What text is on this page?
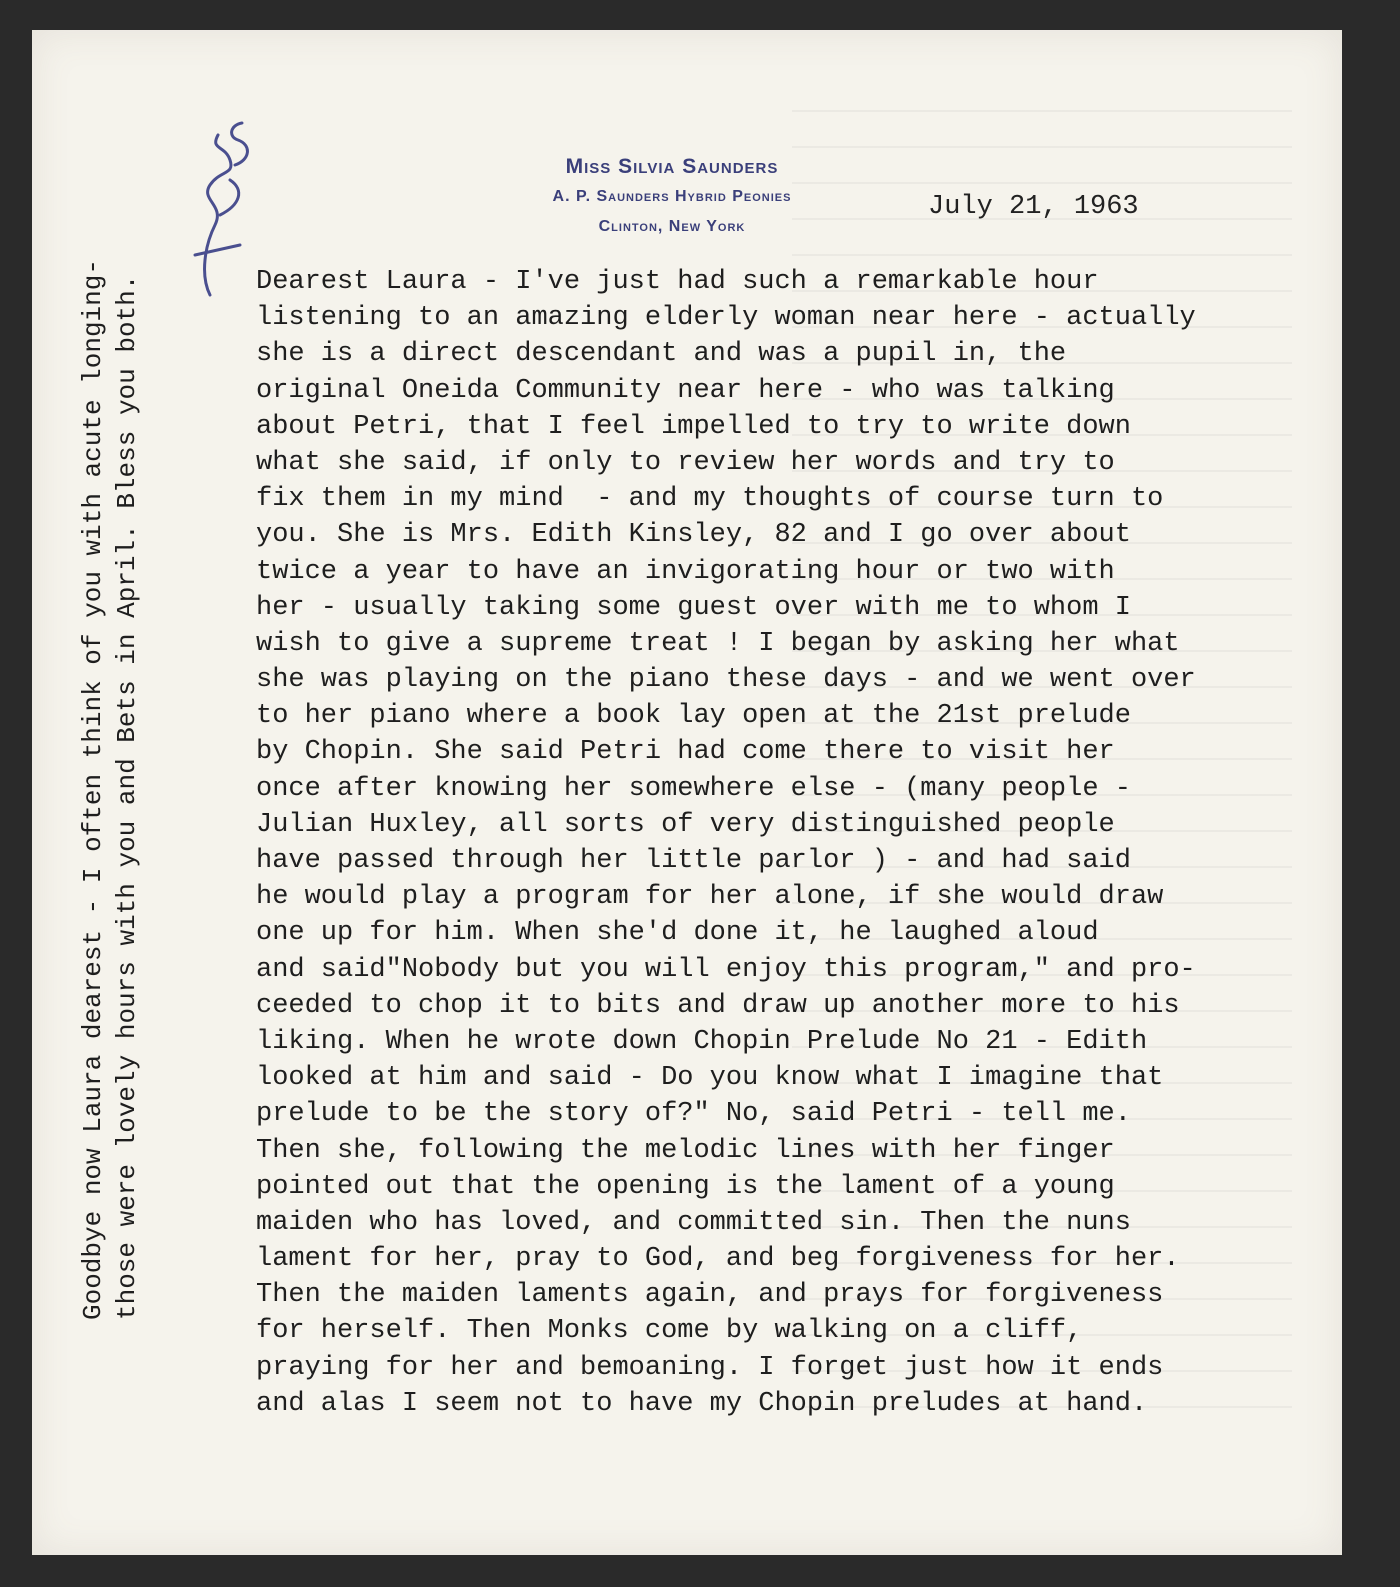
Miss Silvia Saunders
A. P. Saunders Hybrid Peonies
Clinton, New York
July 21, 1963
Goodbye now Laura dearest - I often think of you with acute longing- those were lovely hours with you and Bets in April. Bless you both.	Dearest Laura - I've just had such a remarkable hour
listening to an amazing elderly woman near here - actually
she is a direct descendant and was a pupil in, the
original Oneida Community near here - who was talking
about Petri, that I feel impelled to try to write down
what she said, if only to review her words and try to
fix them in my mind  - and my thoughts of course turn to
you. She is Mrs. Edith Kinsley, 82 and I go over about
twice a year to have an invigorating hour or two with
her - usually taking some guest over with me to whom I
wish to give a supreme treat ! I began by asking her what
she was playing on the piano these days - and we went over
to her piano where a book lay open at the 21st prelude
by Chopin. She said Petri had come there to visit her
once after knowing her somewhere else - (many people -
Julian Huxley, all sorts of very distinguished people
have passed through her little parlor ) - and had said
he would play a program for her alone, if she would draw
one up for him. When she'd done it, he laughed aloud
and said"Nobody but you will enjoy this program," and pro-
ceeded to chop it to bits and draw up another more to his
liking. When he wrote down Chopin Prelude No 21 - Edith
looked at him and said - Do you know what I imagine that
prelude to be the story of?" No, said Petri - tell me.
Then she, following the melodic lines with her finger
pointed out that the opening is the lament of a young
maiden who has loved, and committed sin. Then the nuns
lament for her, pray to God, and beg forgiveness for her.
Then the maiden laments again, and prays for forgiveness
for herself. Then Monks come by walking on a cliff,
praying for her and bemoaning. I forget just how it ends
and alas I seem not to have my Chopin preludes at hand.
